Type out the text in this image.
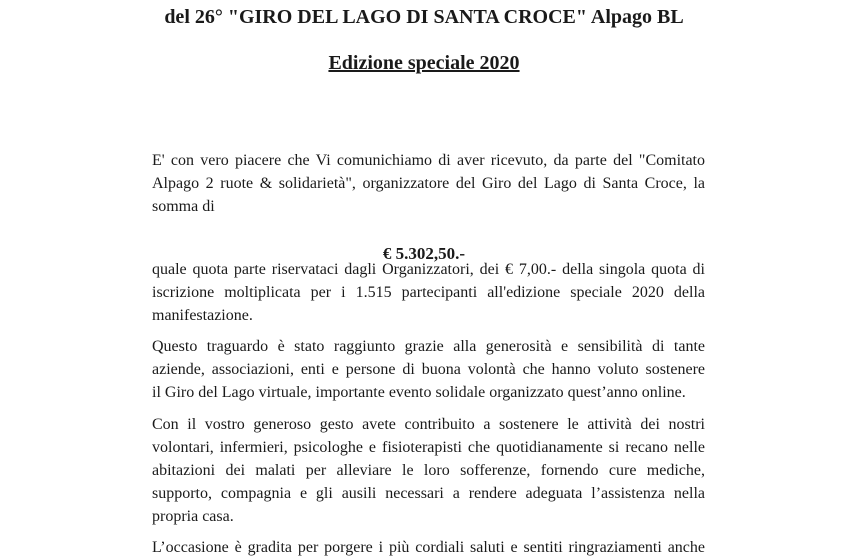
del 26° "GIRO DEL LAGO DI SANTA CROCE" Alpago BL
Edizione speciale 2020
E' con vero piacere che Vi comunichiamo di aver ricevuto, da parte del "Comitato
Alpago 2 ruote & solidarietà", organizzatore del Giro del Lago di Santa Croce, la
somma di
€ 5.302,50.-
quale quota parte riservataci dagli Organizzatori, dei € 7,00.- della singola quota di
iscrizione moltiplicata per i 1.515 partecipanti all'edizione speciale 2020 della
manifestazione.
Questo traguardo è stato raggiunto grazie alla generosità e sensibilità di tante
aziende, associazioni, enti e persone di buona volontà che hanno voluto sostenere
il Giro del Lago virtuale, importante evento solidale organizzato quest’anno online.
Con il vostro generoso gesto avete contribuito a sostenere le attività dei nostri
volontari, infermieri, psicologhe e fisioterapisti che quotidianamente si recano nelle
abitazioni dei malati per alleviare le loro sofferenze, fornendo cure mediche,
supporto, compagnia e gli ausili necessari a rendere adeguata l’assistenza nella
propria casa.
L’occasione è gradita per porgere i più cordiali saluti e sentiti ringraziamenti anche
